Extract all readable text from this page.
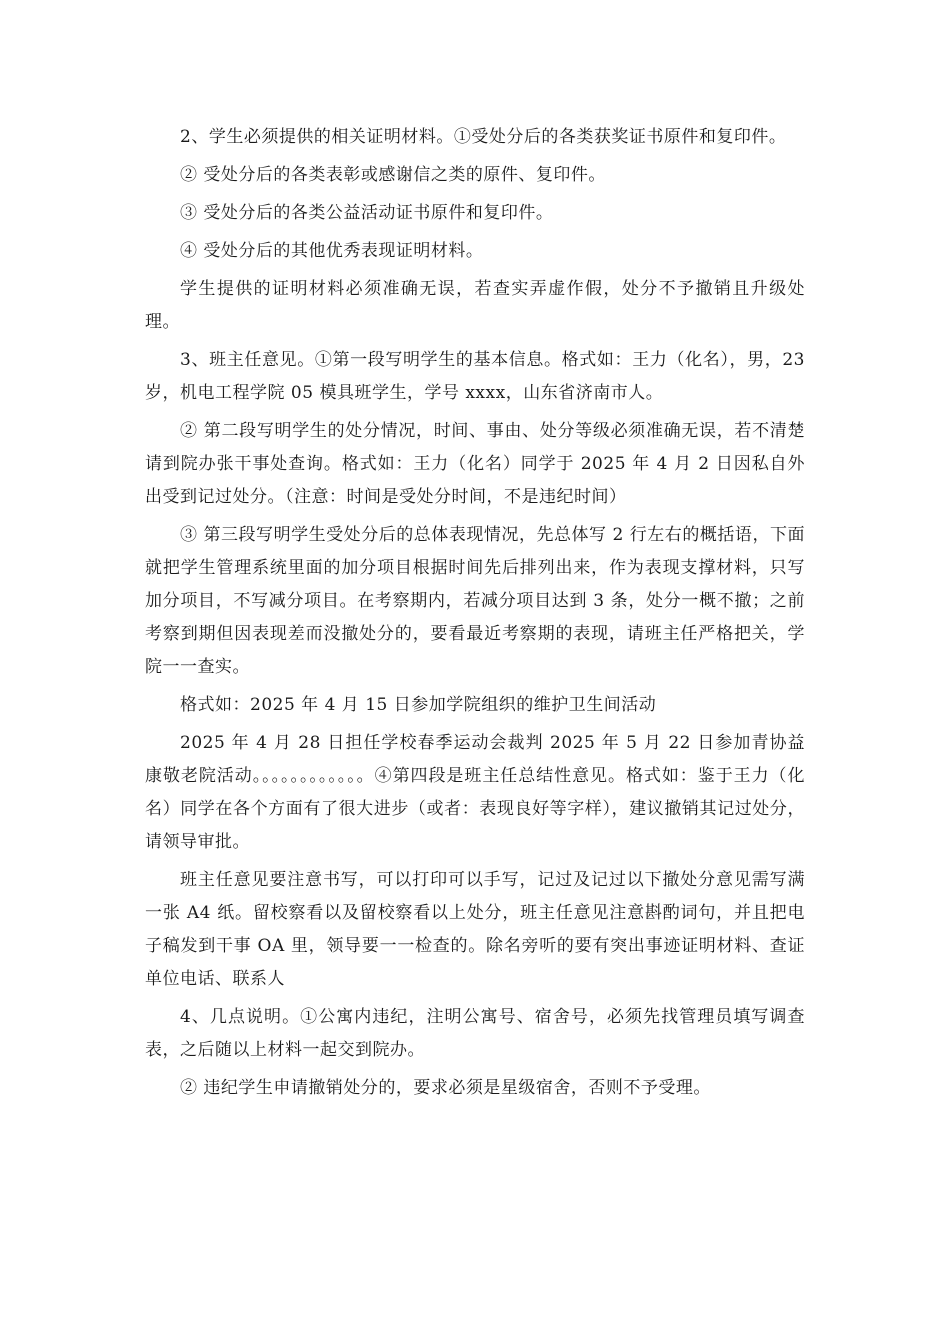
2、学生必须提供的相关证明材料。①受处分后的各类获奖证书原件和复印件。

② 受处分后的各类表彰或感谢信之类的原件、复印件。

③ 受处分后的各类公益活动证书原件和复印件。

④ 受处分后的其他优秀表现证明材料。

学生提供的证明材料必须准确无误，若查实弄虚作假，处分不予撤销且升级处理。

3、班主任意见。①第一段写明学生的基本信息。格式如：王力（化名），男，23 岁，机电工程学院 05 模具班学生，学号 xxxx，山东省济南市人。

② 第二段写明学生的处分情况，时间、事由、处分等级必须准确无误，若不清楚请到院办张干事处查询。格式如：王力（化名）同学于 2025 年 4 月 2 日因私自外出受到记过处分。（注意：时间是受处分时间，不是违纪时间）

③ 第三段写明学生受处分后的总体表现情况，先总体写 2 行左右的概括语，下面就把学生管理系统里面的加分项目根据时间先后排列出来，作为表现支撑材料，只写加分项目，不写减分项目。在考察期内，若减分项目达到 3 条，处分一概不撤；之前考察到期但因表现差而没撤处分的，要看最近考察期的表现，请班主任严格把关，学院一一查实。

格式如：2025 年 4 月 15 日参加学院组织的维护卫生间活动

2025 年 4 月 28 日担任学校春季运动会裁判 2025 年 5 月 22 日参加青协益康敬老院活动。。。。。。。。。。。。④第四段是班主任总结性意见。格式如：鉴于王力（化名）同学在各个方面有了很大进步（或者：表现良好等字样），建议撤销其记过处分，请领导审批。

班主任意见要注意书写，可以打印可以手写，记过及记过以下撤处分意见需写满一张 A4 纸。留校察看以及留校察看以上处分，班主任意见注意斟酌词句，并且把电子稿发到干事 OA 里，领导要一一检查的。除名旁听的要有突出事迹证明材料、查证单位电话、联系人

4、几点说明。①公寓内违纪，注明公寓号、宿舍号，必须先找管理员填写调查表，之后随以上材料一起交到院办。

② 违纪学生申请撤销处分的，要求必须是星级宿舍，否则不予受理。
